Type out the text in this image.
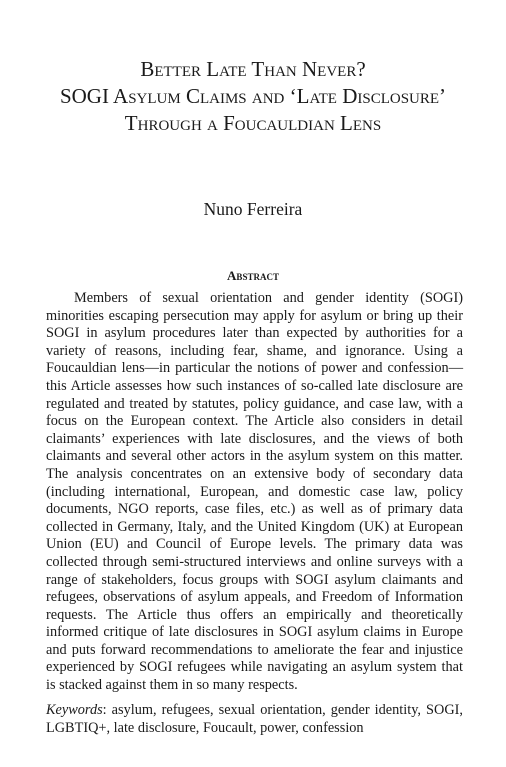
Better Late Than Never?
SOGI Asylum Claims and ‘Late Disclosure’
Through a Foucauldian Lens
Nuno Ferreira
Abstract

Members of sexual orientation and gender identity (SOGI) minorities escaping persecution may apply for asylum or bring up their SOGI in asylum procedures later than expected by authorities for a variety of reasons, including fear, shame, and ignorance. Using a Foucauldian lens—in particular the notions of power and confession—this Article assesses how such instances of so-called late disclosure are regulated and treated by statutes, policy guidance, and case law, with a focus on the European context. The Article also considers in detail claimants’ experiences with late disclosures, and the views of both claimants and several other actors in the asylum system on this matter. The analysis concentrates on an extensive body of secondary data (including international, European, and domestic case law, policy documents, NGO reports, case files, etc.) as well as of primary data collected in Germany, Italy, and the United Kingdom (UK) at European Union (EU) and Council of Europe levels. The primary data was collected through semi-structured interviews and online surveys with a range of stakeholders, focus groups with SOGI asylum claimants and refugees, observations of asylum appeals, and Freedom of Information requests. The Article thus offers an empirically and theoretically informed critique of late disclosures in SOGI asylum claims in Europe and puts forward recommendations to ameliorate the fear and injustice experienced by SOGI refugees while navigating an asylum system that is stacked against them in so many respects.

Keywords: asylum, refugees, sexual orientation, gender identity, SOGI, LGBTIQ+, late disclosure, Foucault, power, confession
